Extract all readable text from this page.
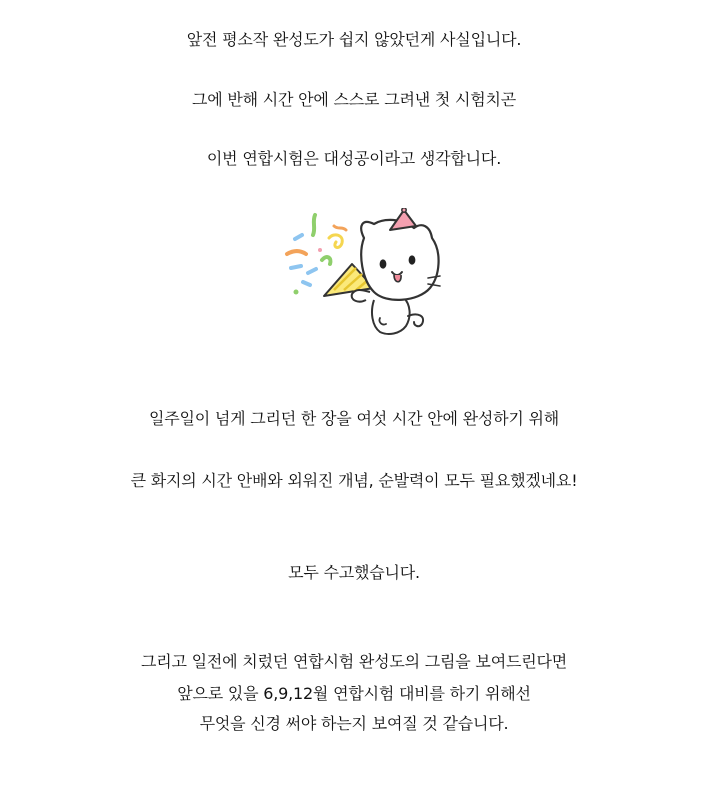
앞전 평소작 완성도가 쉽지 않았던게 사실입니다.
그에 반해 시간 안에 스스로 그려낸 첫 시험치곤
이번 연합시험은 대성공이라고 생각합니다.
일주일이 넘게 그리던 한 장을 여섯 시간 안에 완성하기 위해
큰 화지의 시간 안배와 외워진 개념, 순발력이 모두 필요했겠네요!
모두 수고했습니다.
그리고 일전에 치렀던 연합시험 완성도의 그림을 보여드린다면
앞으로 있을 6,9,12월 연합시험 대비를 하기 위해선
무엇을 신경 써야 하는지 보여질 것 같습니다.
